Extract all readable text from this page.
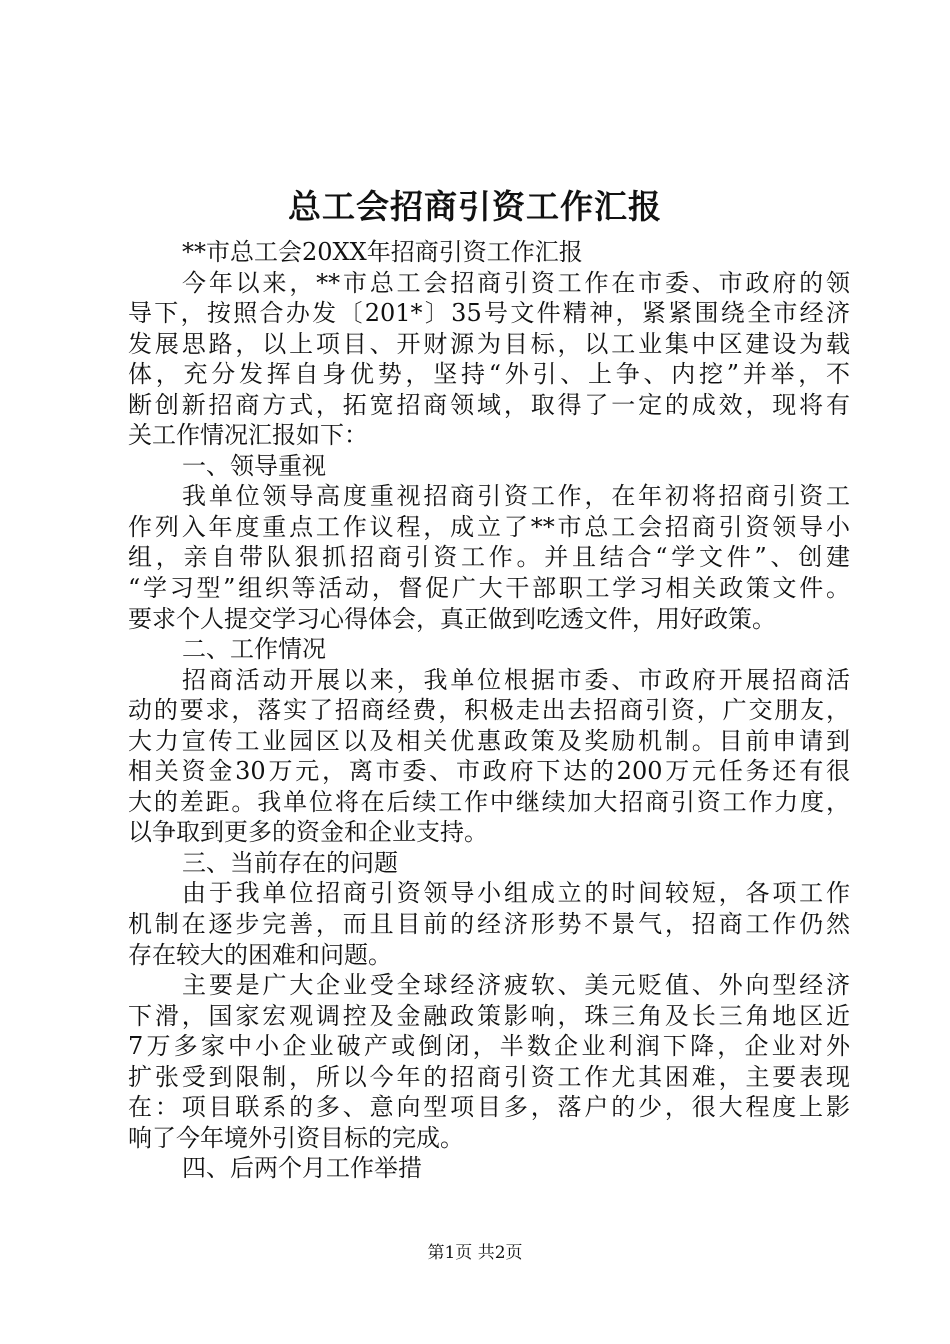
总工会招商引资工作汇报
**市总工会20XX年招商引资工作汇报
今年以来，**市总工会招商引资工作在市委、市政府的领
导下，按照合办发〔201*〕35号文件精神，紧紧围绕全市经济
发展思路，以上项目、开财源为目标，以工业集中区建设为载
体，充分发挥自身优势，坚持“外引、上争、内挖”并举，不
断创新招商方式，拓宽招商领域，取得了一定的成效，现将有
关工作情况汇报如下：
一、领导重视
我单位领导高度重视招商引资工作，在年初将招商引资工
作列入年度重点工作议程，成立了**市总工会招商引资领导小
组，亲自带队狠抓招商引资工作。并且结合“学文件”、创建
“学习型”组织等活动，督促广大干部职工学习相关政策文件。
要求个人提交学习心得体会，真正做到吃透文件，用好政策。
二、工作情况
招商活动开展以来，我单位根据市委、市政府开展招商活
动的要求，落实了招商经费，积极走出去招商引资，广交朋友，
大力宣传工业园区以及相关优惠政策及奖励机制。目前申请到
相关资金30万元，离市委、市政府下达的200万元任务还有很
大的差距。我单位将在后续工作中继续加大招商引资工作力度，
以争取到更多的资金和企业支持。
三、当前存在的问题
由于我单位招商引资领导小组成立的时间较短，各项工作
机制在逐步完善，而且目前的经济形势不景气，招商工作仍然
存在较大的困难和问题。
主要是广大企业受全球经济疲软、美元贬值、外向型经济
下滑，国家宏观调控及金融政策影响，珠三角及长三角地区近
7万多家中小企业破产或倒闭，半数企业利润下降，企业对外
扩张受到限制，所以今年的招商引资工作尤其困难，主要表现
在：项目联系的多、意向型项目多，落户的少，很大程度上影
响了今年境外引资目标的完成。
四、后两个月工作举措
第1页 共2页
